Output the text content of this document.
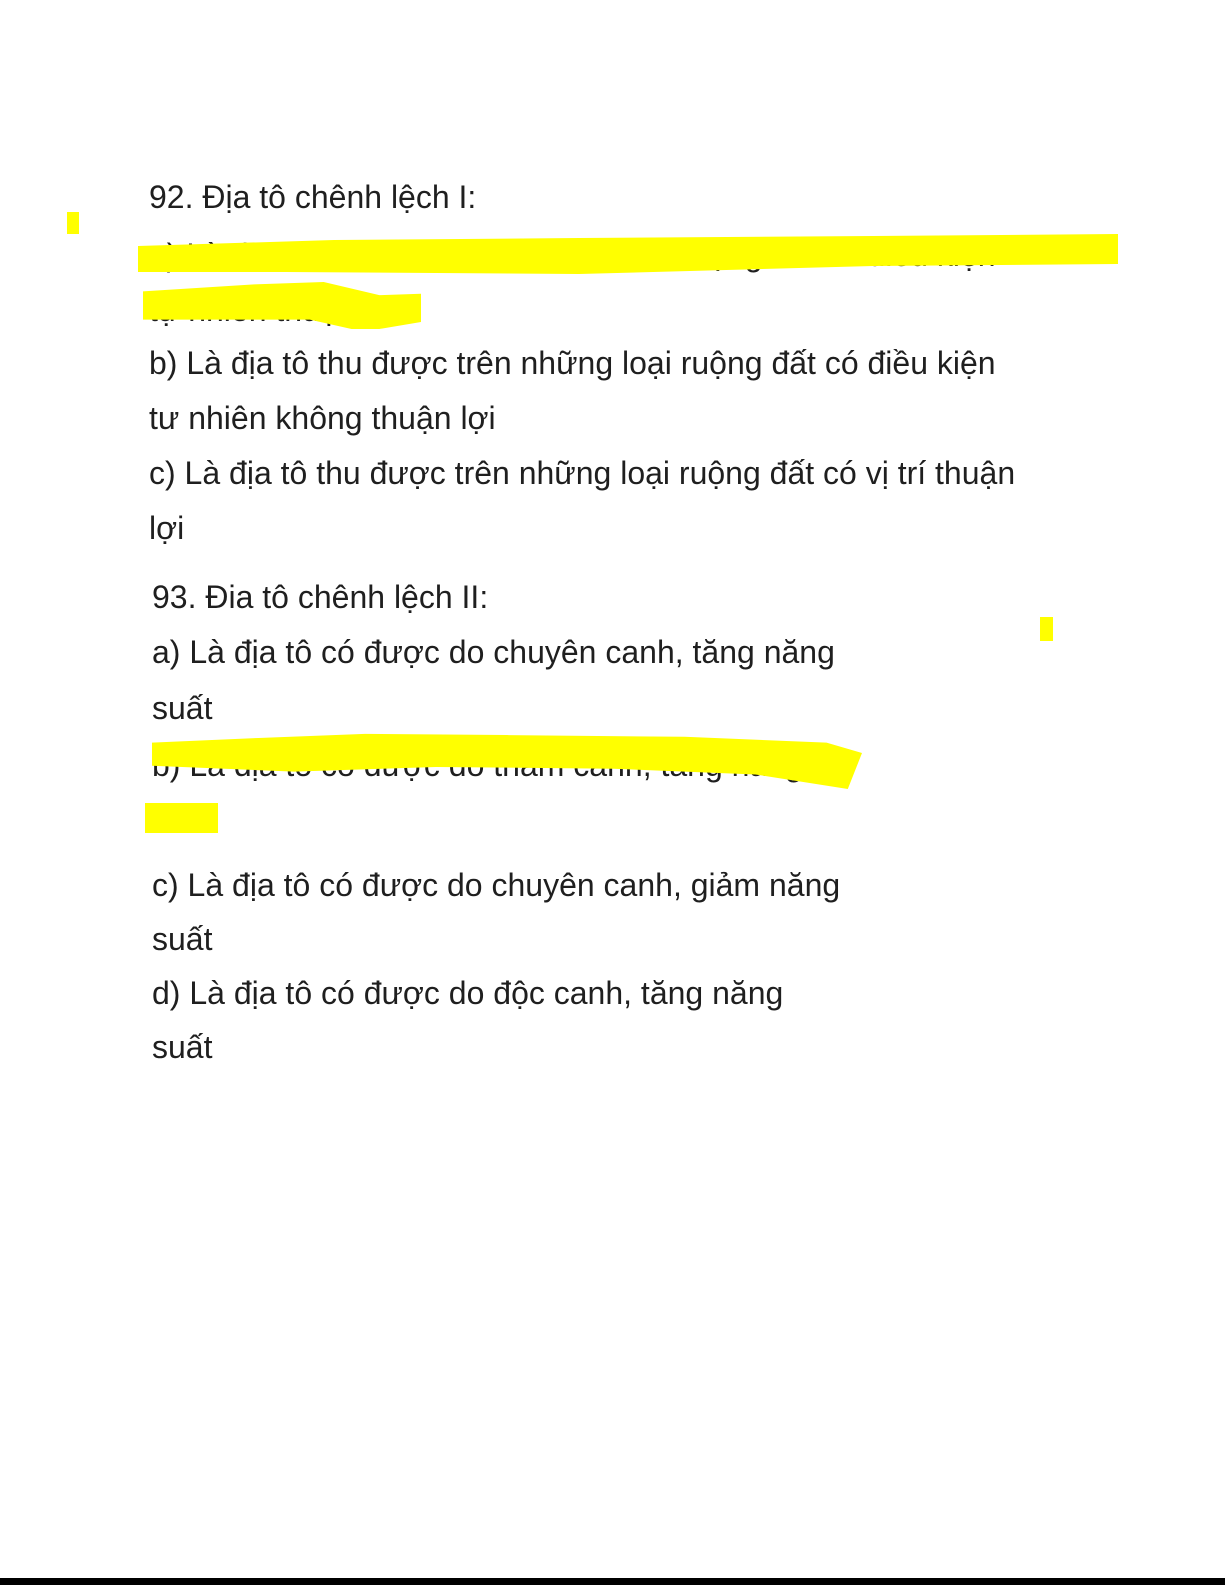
92. Địa tô chênh lệch I:
b) Là địa tô thu được trên những loại ruộng đất có điều kiện
tư nhiên không thuận lợi
c) Là địa tô thu được trên những loại ruộng đất có vị trí thuận
lợi
93. Đia tô chênh lệch II:
a) Là địa tô có được do chuyên canh, tăng năng
suất
c) Là địa tô có được do chuyên canh, giảm năng
suất
d) Là địa tô có được do độc canh, tăng năng
suất
